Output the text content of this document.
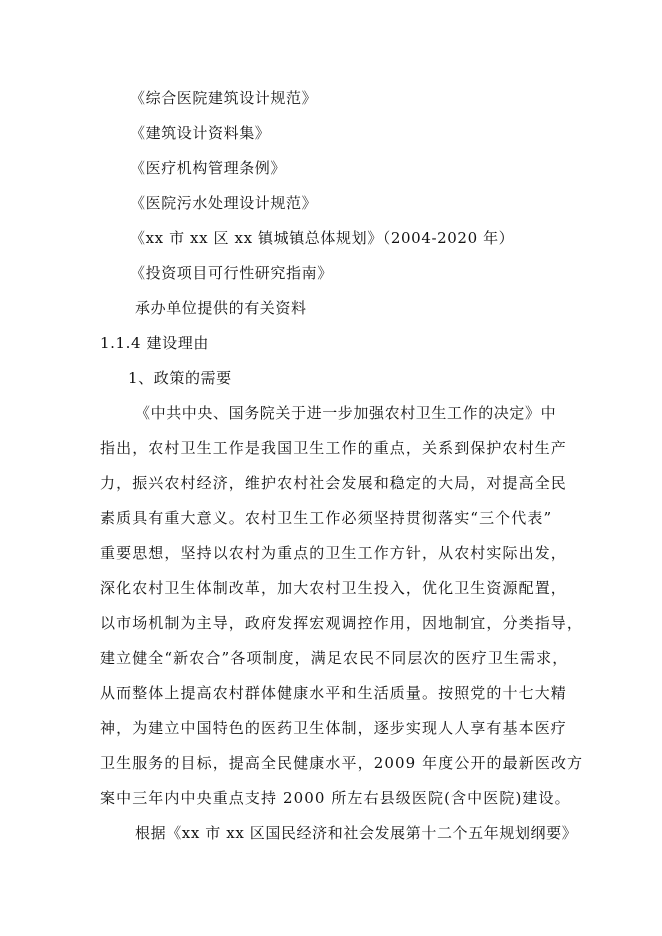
《综合医院建筑设计规范》
《建筑设计资料集》
《医疗机构管理条例》
《医院污水处理设计规范》
《xx 市 xx 区 xx 镇城镇总体规划》（2004-2020 年）
《投资项目可行性研究指南》
承办单位提供的有关资料
1.1.4 建设理由
1、政策的需要
《中共中央、国务院关于进一步加强农村卫生工作的决定》中
指出，农村卫生工作是我国卫生工作的重点，关系到保护农村生产
力，振兴农村经济，维护农村社会发展和稳定的大局，对提高全民
素质具有重大意义。农村卫生工作必须坚持贯彻落实“三个代表”
重要思想，坚持以农村为重点的卫生工作方针，从农村实际出发，
深化农村卫生体制改革，加大农村卫生投入，优化卫生资源配置，
以市场机制为主导，政府发挥宏观调控作用，因地制宜，分类指导，
建立健全“新农合”各项制度，满足农民不同层次的医疗卫生需求，
从而整体上提高农村群体健康水平和生活质量。按照党的十七大精
神，为建立中国特色的医药卫生体制，逐步实现人人享有基本医疗
卫生服务的目标，提高全民健康水平，2009 年度公开的最新医改方
案中三年内中央重点支持 2000 所左右县级医院(含中医院)建设。
根据《xx 市 xx 区国民经济和社会发展第十二个五年规划纲要》
